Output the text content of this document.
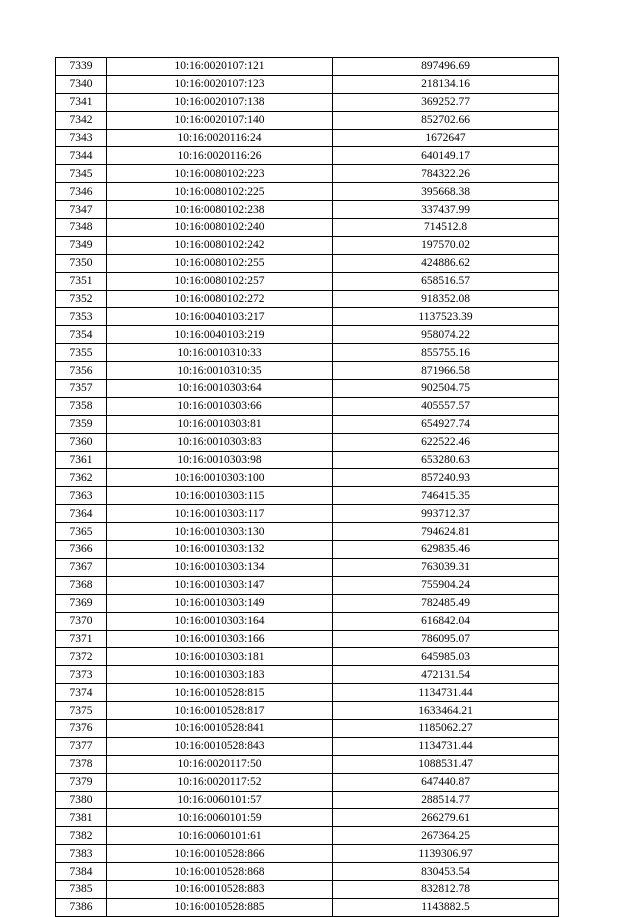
7339	10:16:0020107:121	897496.69
7340	10:16:0020107:123	218134.16
7341	10:16:0020107:138	369252.77
7342	10:16:0020107:140	852702.66
7343	10:16:0020116:24	1672647
7344	10:16:0020116:26	640149.17
7345	10:16:0080102:223	784322.26
7346	10:16:0080102:225	395668.38
7347	10:16:0080102:238	337437.99
7348	10:16:0080102:240	714512.8
7349	10:16:0080102:242	197570.02
7350	10:16:0080102:255	424886.62
7351	10:16:0080102:257	658516.57
7352	10:16:0080102:272	918352.08
7353	10:16:0040103:217	1137523.39
7354	10:16:0040103:219	958074.22
7355	10:16:0010310:33	855755.16
7356	10:16:0010310:35	871966.58
7357	10:16:0010303:64	902504.75
7358	10:16:0010303:66	405557.57
7359	10:16:0010303:81	654927.74
7360	10:16:0010303:83	622522.46
7361	10:16:0010303:98	653280.63
7362	10:16:0010303:100	857240.93
7363	10:16:0010303:115	746415.35
7364	10:16:0010303:117	993712.37
7365	10:16:0010303:130	794624.81
7366	10:16:0010303:132	629835.46
7367	10:16:0010303:134	763039.31
7368	10:16:0010303:147	755904.24
7369	10:16:0010303:149	782485.49
7370	10:16:0010303:164	616842.04
7371	10:16:0010303:166	786095.07
7372	10:16:0010303:181	645985.03
7373	10:16:0010303:183	472131.54
7374	10:16:0010528:815	1134731.44
7375	10:16:0010528:817	1633464.21
7376	10:16:0010528:841	1185062.27
7377	10:16:0010528:843	1134731.44
7378	10:16:0020117:50	1088531.47
7379	10:16:0020117:52	647440.87
7380	10:16:0060101:57	288514.77
7381	10:16:0060101:59	266279.61
7382	10:16:0060101:61	267364.25
7383	10:16:0010528:866	1139306.97
7384	10:16:0010528:868	830453.54
7385	10:16:0010528:883	832812.78
7386	10:16:0010528:885	1143882.5
